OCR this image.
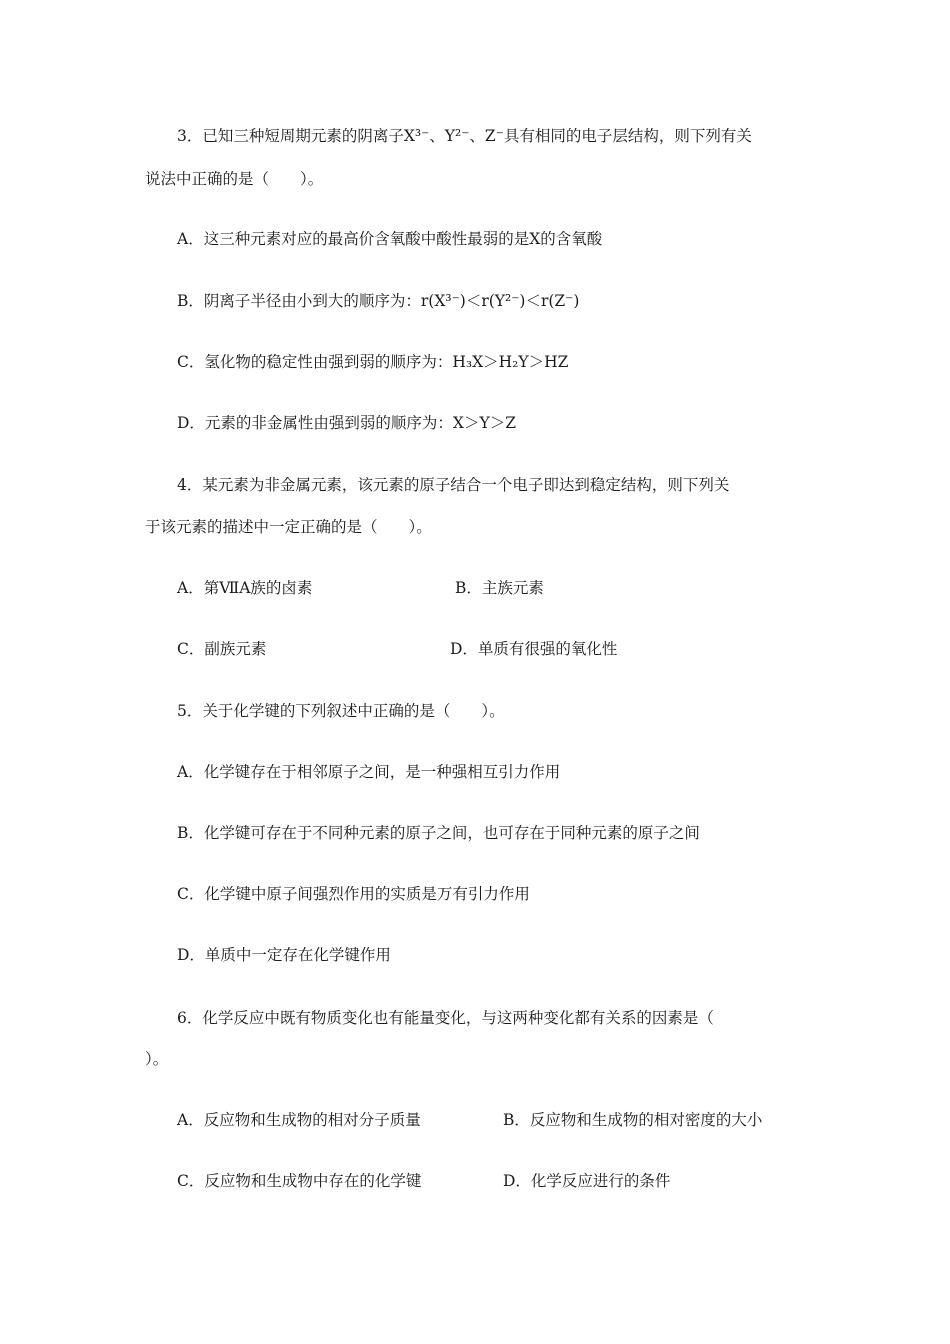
3．已知三种短周期元素的阴离子X³⁻、Y²⁻、Z⁻具有相同的电子层结构，则下列有关
说法中正确的是（　　）。
A．这三种元素对应的最高价含氧酸中酸性最弱的是X的含氧酸
B．阴离子半径由小到大的顺序为：r(X³⁻)＜r(Y²⁻)＜r(Z⁻)
C．氢化物的稳定性由强到弱的顺序为：H₃X＞H₂Y＞HZ
D．元素的非金属性由强到弱的顺序为：X＞Y＞Z
4．某元素为非金属元素，该元素的原子结合一个电子即达到稳定结构，则下列关
于该元素的描述中一定正确的是（　　）。
A．第ⅦA族的卤素	B．主族元素
C．副族元素	D．单质有很强的氧化性
5．关于化学键的下列叙述中正确的是（　　）。
A．化学键存在于相邻原子之间，是一种强相互引力作用
B．化学键可存在于不同种元素的原子之间，也可存在于同种元素的原子之间
C．化学键中原子间强烈作用的实质是万有引力作用
D．单质中一定存在化学键作用
6．化学反应中既有物质变化也有能量变化，与这两种变化都有关系的因素是（
）。
A．反应物和生成物的相对分子质量	B．反应物和生成物的相对密度的大小
C．反应物和生成物中存在的化学键	D．化学反应进行的条件
